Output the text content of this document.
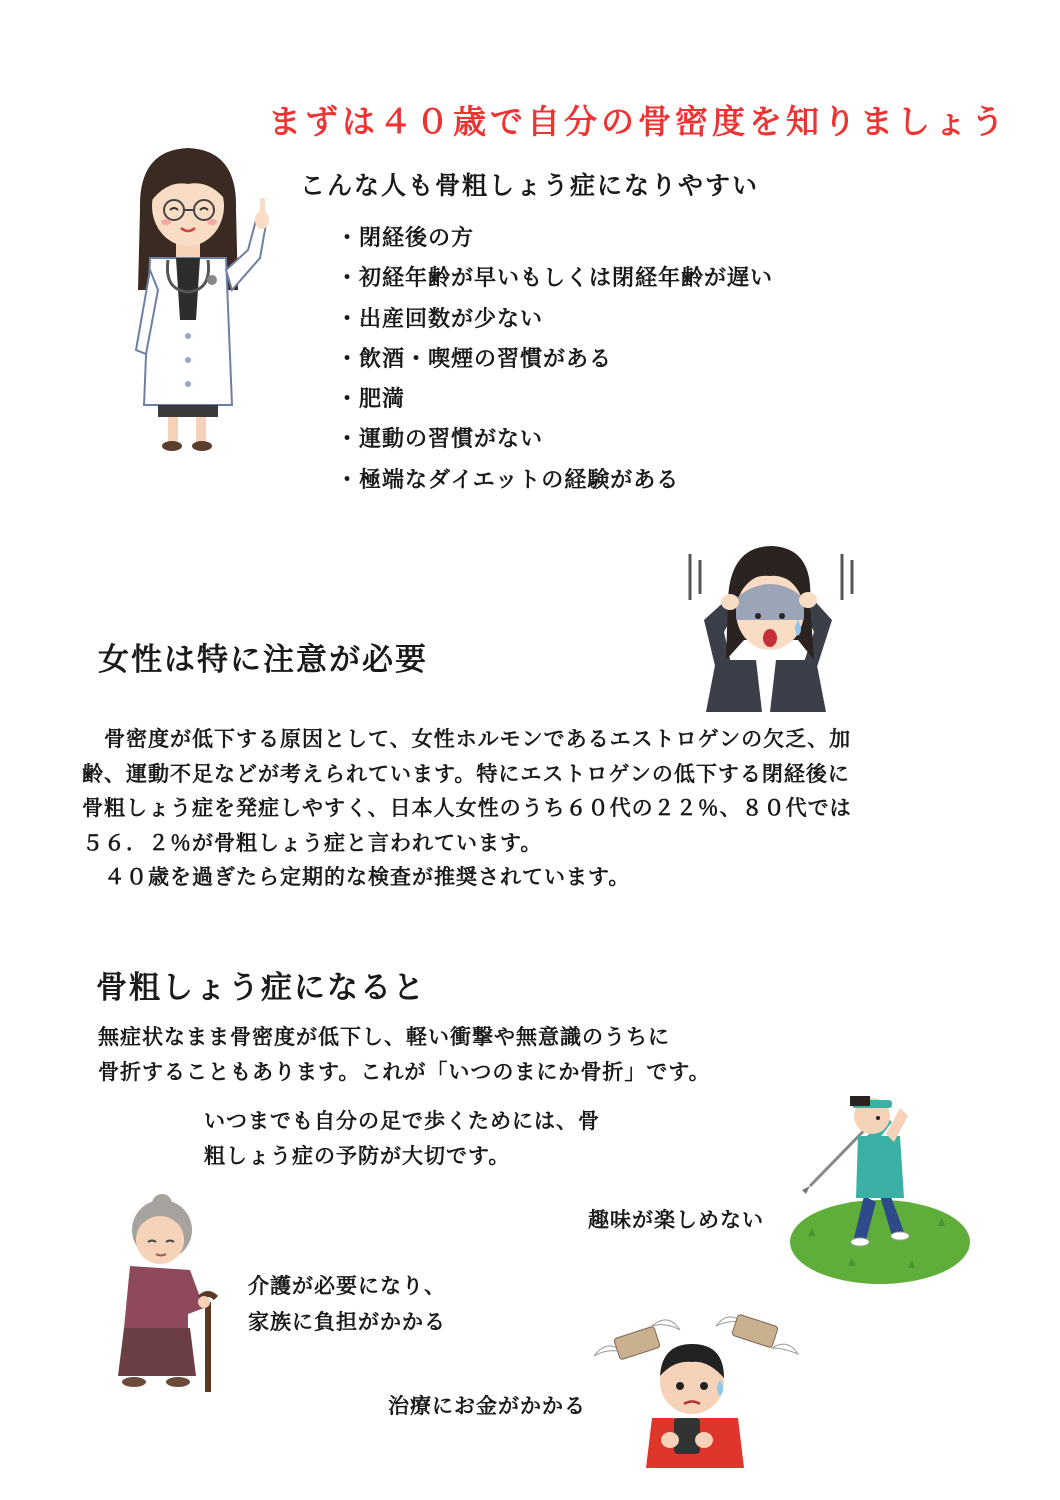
まずは４０歳で自分の骨密度を知りましょう
こんな人も骨粗しょう症になりやすい
・ 閉経後の方
・ 初経年齢が早いもしくは閉経年齢が遅い
・ 出産回数が少ない
・ 飲酒・喫煙の習慣がある
・ 肥満
・ 運動の習慣がない
・ 極端なダイエットの経験がある
女性は特に注意が必要
　骨密度が低下する原因として、女性ホルモンであるエストロゲンの欠乏、加
齢、運動不足などが考えられています。特にエストロゲンの低下する閉経後に
骨粗しょう症を発症しやすく、日本人女性のうち６０代の２２％、８０代では
５６．２％が骨粗しょう症と言われています。
　４０歳を過ぎたら定期的な検査が推奨されています。
骨粗しょう症になると
無症状なまま骨密度が低下し、軽い衝撃や無意識のうちに
骨折することもあります。これが「いつのまにか骨折」です。
いつまでも自分の足で歩くためには、骨
粗しょう症の予防が大切です。
趣味が楽しめない
介護が必要になり、
家族に負担がかかる
治療にお金がかかる
